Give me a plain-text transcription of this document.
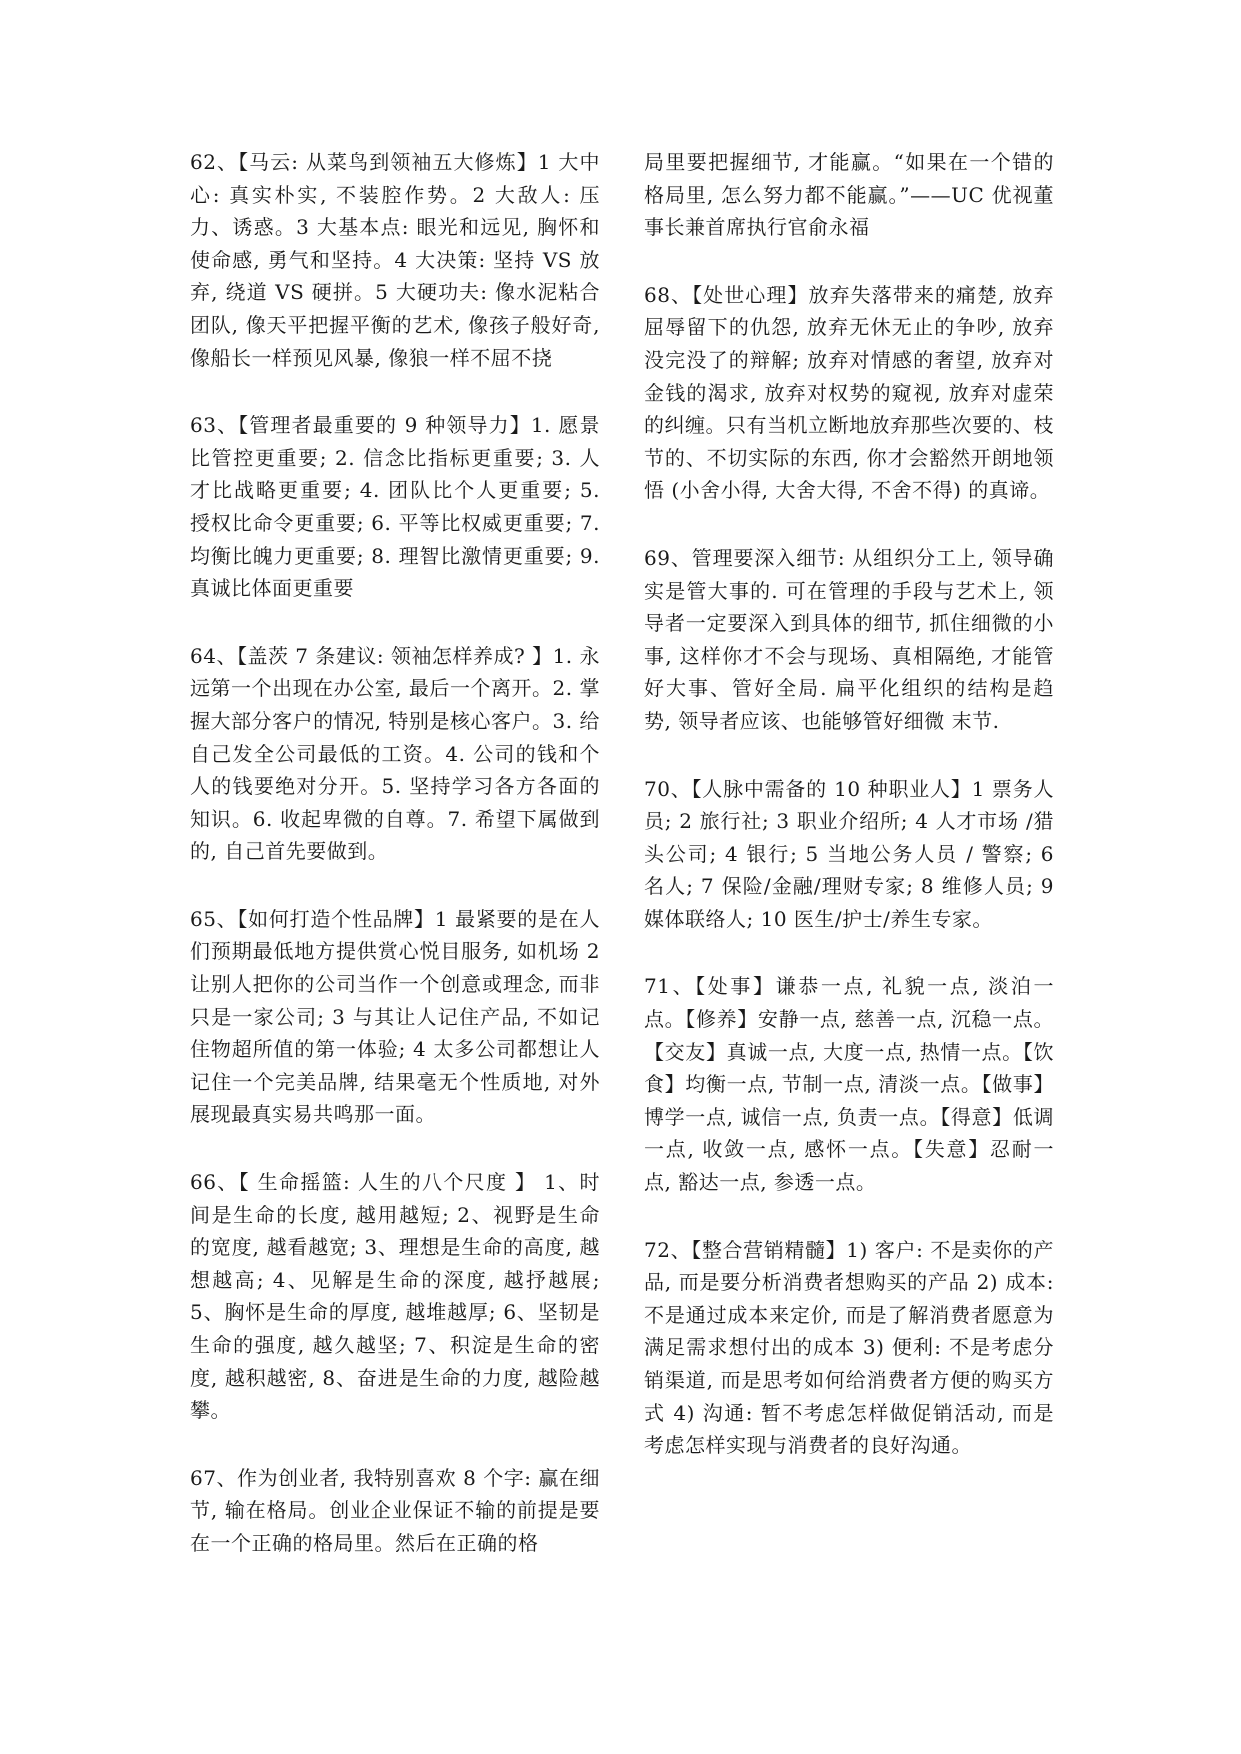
62、【马云: 从菜鸟到领袖五大修炼】1 大中心: 真实朴实, 不装腔作势。2 大敌人: 压力、诱惑。3 大基本点: 眼光和远见, 胸怀和使命感, 勇气和坚持。4 大决策: 坚持 VS 放弃, 绕道 VS 硬拼。5 大硬功夫: 像水泥粘合团队, 像天平把握平衡的艺术, 像孩子般好奇, 像船长一样预见风暴, 像狼一样不屈不挠

63、【管理者最重要的 9 种领导力】1. 愿景比管控更重要; 2. 信念比指标更重要; 3. 人才比战略更重要; 4. 团队比个人更重要; 5. 授权比命令更重要; 6. 平等比权威更重要; 7. 均衡比魄力更重要; 8. 理智比激情更重要; 9. 真诚比体面更重要

64、【盖茨 7 条建议: 领袖怎样养成? 】1. 永远第一个出现在办公室, 最后一个离开。2. 掌握大部分客户的情况, 特别是核心客户。3. 给自己发全公司最低的工资。4. 公司的钱和个人的钱要绝对分开。5. 坚持学习各方各面的知识。6. 收起卑微的自尊。7. 希望下属做到的, 自己首先要做到。

65、【如何打造个性品牌】1 最紧要的是在人们预期最低地方提供赏心悦目服务, 如机场 2 让别人把你的公司当作一个创意或理念, 而非只是一家公司; 3 与其让人记住产品, 不如记住物超所值的第一体验; 4 太多公司都想让人记住一个完美品牌, 结果毫无个性质地, 对外展现最真实易共鸣那一面。

66、【 生命摇篮: 人生的八个尺度 】 1、时间是生命的长度, 越用越短; 2、视野是生命的宽度, 越看越宽; 3、理想是生命的高度, 越想越高; 4、见解是生命的深度, 越抒越展; 5、胸怀是生命的厚度, 越堆越厚; 6、坚韧是生命的强度, 越久越坚; 7、积淀是生命的密度, 越积越密, 8、奋进是生命的力度, 越险越攀。

67、作为创业者, 我特别喜欢 8 个字: 赢在细节, 输在格局。创业企业保证不输的前提是要在一个正确的格局里。然后在正确的格

局里要把握细节, 才能赢。“如果在一个错的格局里, 怎么努力都不能赢。”——UC 优视董事长兼首席执行官俞永福

68、【处世心理】放弃失落带来的痛楚, 放弃屈辱留下的仇怨, 放弃无休无止的争吵, 放弃没完没了的辩解; 放弃对情感的奢望, 放弃对金钱的渴求, 放弃对权势的窥视, 放弃对虚荣的纠缠。只有当机立断地放弃那些次要的、枝节的、不切实际的东西, 你才会豁然开朗地领悟 (小舍小得, 大舍大得, 不舍不得) 的真谛。

69、管理要深入细节: 从组织分工上, 领导确实是管大事的. 可在管理的手段与艺术上, 领导者一定要深入到具体的细节, 抓住细微的小事, 这样你才不会与现场、真相隔绝, 才能管好大事、管好全局. 扁平化组织的结构是趋势, 领导者应该、也能够管好细微 末节.

70、【人脉中需备的 10 种职业人】1 票务人员; 2 旅行社; 3 职业介绍所; 4 人才市场 /猎头公司; 4 银行; 5 当地公务人员 / 警察; 6 名人; 7 保险/金融/理财专家; 8 维修人员; 9 媒体联络人; 10 医生/护士/养生专家。

71、【处事】谦恭一点, 礼貌一点, 淡泊一点。【修养】安静一点, 慈善一点, 沉稳一点。【交友】真诚一点, 大度一点, 热情一点。【饮食】均衡一点, 节制一点, 清淡一点。【做事】博学一点, 诚信一点, 负责一点。【得意】低调一点, 收敛一点, 感怀一点。【失意】忍耐一点, 豁达一点, 参透一点。

72、【整合营销精髓】1) 客户: 不是卖你的产品, 而是要分析消费者想购买的产品 2) 成本: 不是通过成本来定价, 而是了解消费者愿意为满足需求想付出的成本 3) 便利: 不是考虑分销渠道, 而是思考如何给消费者方便的购买方式 4) 沟通: 暂不考虑怎样做促销活动, 而是考虑怎样实现与消费者的良好沟通。
